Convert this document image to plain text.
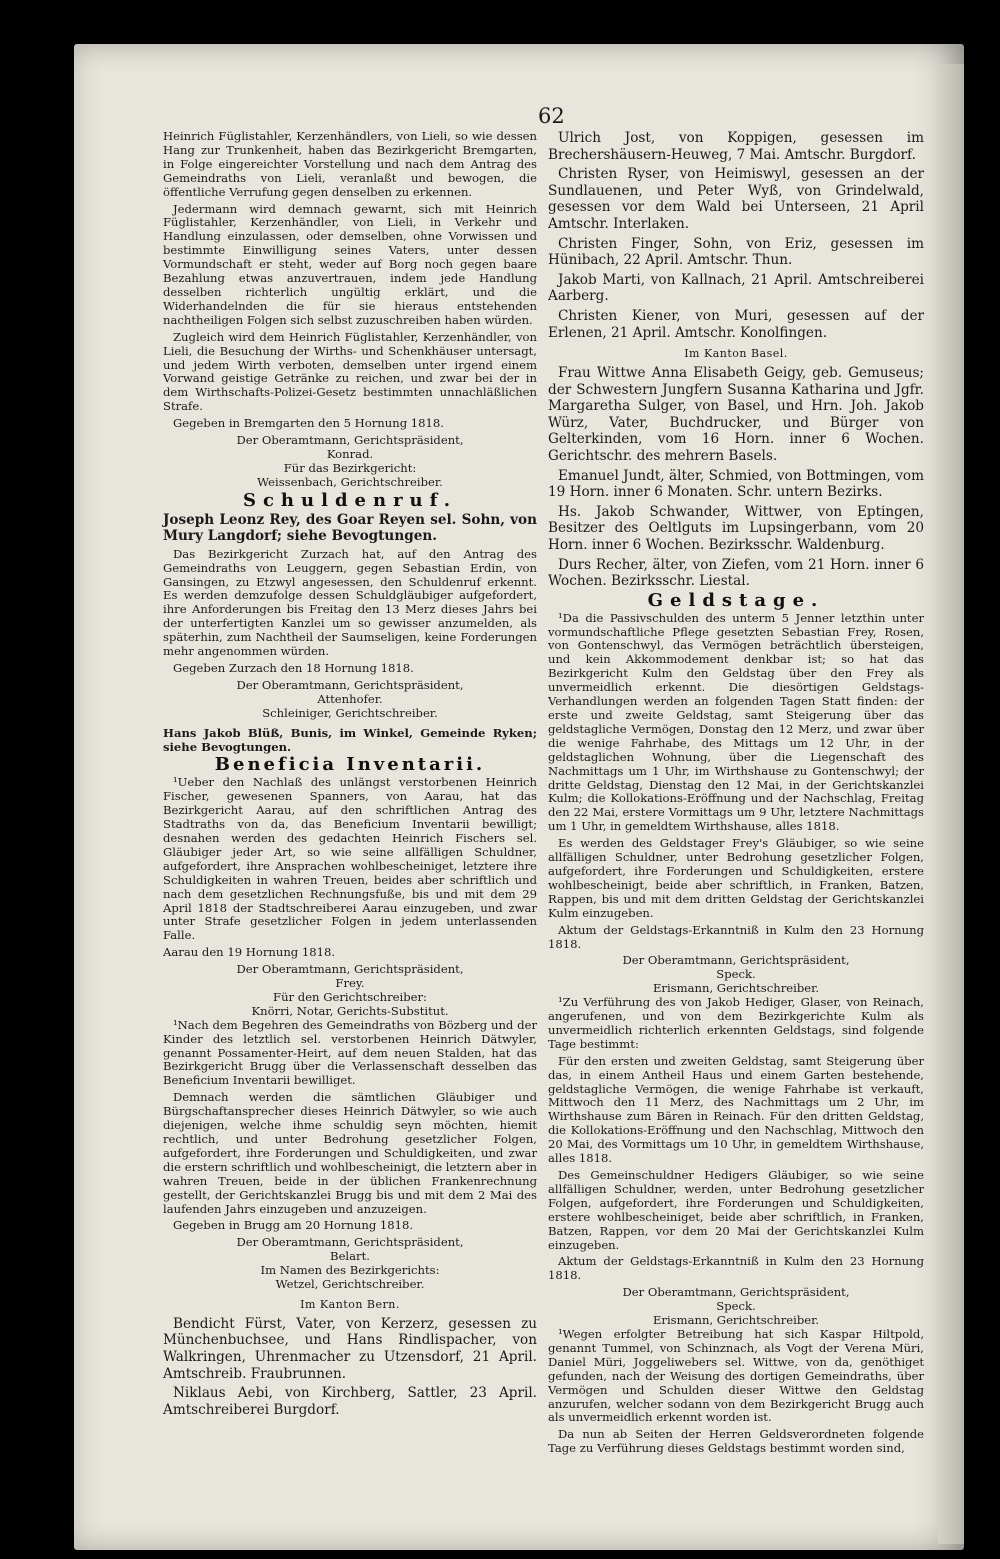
62

Heinrich Füglistahler, Kerzenhändlers, von Lieli, so wie dessen Hang zur Trunkenheit, haben das Bezirkgericht Bremgarten, in Folge eingereichter Vorstellung und nach dem Antrag des Gemeindraths von Lieli, veranlaßt und bewogen, die öffentliche Verrufung gegen denselben zu erkennen.

Jedermann wird demnach gewarnt, sich mit Heinrich Füglistahler, Kerzenhändler, von Lieli, in Verkehr und Handlung einzulassen, oder demselben, ohne Vorwissen und bestimmte Einwilligung seines Vaters, unter dessen Vormundschaft er steht, weder auf Borg noch gegen baare Bezahlung etwas anzuvertrauen, indem jede Handlung desselben richterlich ungültig erklärt, und die Widerhandelnden die für sie hieraus entstehenden nachtheiligen Folgen sich selbst zuzuschreiben haben würden.

Zugleich wird dem Heinrich Füglistahler, Kerzenhändler, von Lieli, die Besuchung der Wirths- und Schenkhäuser untersagt, und jedem Wirth verboten, demselben unter irgend einem Vorwand geistige Getränke zu reichen, und zwar bei der in dem Wirthschafts-Polizei-Gesetz bestimmten unnachläßlichen Strafe.

Gegeben in Bremgarten den 5 Hornung 1818.

Der Oberamtmann, Gerichtspräsident,

Konrad.

Für das Bezirkgericht:

Weissenbach, Gerichtschreiber.

Schuldenruf.

Joseph Leonz Rey, des Goar Reyen sel. Sohn, von Mury Langdorf; siehe Bevogtungen.

Das Bezirkgericht Zurzach hat, auf den Antrag des Gemeindraths von Leuggern, gegen Sebastian Erdin, von Gansingen, zu Etzwyl angesessen, den Schuldenruf erkennt. Es werden demzufolge dessen Schuldgläubiger aufgefordert, ihre Anforderungen bis Freitag den 13 Merz dieses Jahrs bei der unterfertigten Kanzlei um so gewisser anzumelden, als späterhin, zum Nachtheil der Saumseligen, keine Forderungen mehr angenommen würden.

Gegeben Zurzach den 18 Hornung 1818.

Der Oberamtmann, Gerichtspräsident,

Attenhofer.

Schleiniger, Gerichtschreiber.

Hans Jakob Blüß, Bunis, im Winkel, Gemeinde Ryken; siehe Bevogtungen.

Beneficia Inventarii.

¹Ueber den Nachlaß des unlängst verstorbenen Heinrich Fischer, gewesenen Spanners, von Aarau, hat das Bezirkgericht Aarau, auf den schriftlichen Antrag des Stadtraths von da, das Beneficium Inventarii bewilligt; desnahen werden des gedachten Heinrich Fischers sel. Gläubiger jeder Art, so wie seine allfälligen Schuldner, aufgefordert, ihre Ansprachen wohlbescheiniget, letztere ihre Schuldigkeiten in wahren Treuen, beides aber schriftlich und nach dem gesetzlichen Rechnungsfuße, bis und mit dem 29 April 1818 der Stadtschreiberei Aarau einzugeben, und zwar unter Strafe gesetzlicher Folgen in jedem unterlassenden Falle.

Aarau den 19 Hornung 1818.

Der Oberamtmann, Gerichtspräsident,

Frey.

Für den Gerichtschreiber:

Knörri, Notar, Gerichts-Substitut.

¹Nach dem Begehren des Gemeindraths von Bözberg und der Kinder des letztlich sel. verstorbenen Heinrich Dätwyler, genannt Possamenter-Heirt, auf dem neuen Stalden, hat das Bezirkgericht Brugg über die Verlassenschaft desselben das Beneficium Inventarii bewilliget.

Demnach werden die sämtlichen Gläubiger und Bürgschaftansprecher dieses Heinrich Dätwyler, so wie auch diejenigen, welche ihme schuldig seyn möchten, hiemit rechtlich, und unter Bedrohung gesetzlicher Folgen, aufgefordert, ihre Forderungen und Schuldigkeiten, und zwar die erstern schriftlich und wohlbescheinigt, die letztern aber in wahren Treuen, beide in der üblichen Frankenrechnung gestellt, der Gerichtskanzlei Brugg bis und mit dem 2 Mai des laufenden Jahrs einzugeben und anzuzeigen.

Gegeben in Brugg am 20 Hornung 1818.

Der Oberamtmann, Gerichtspräsident,

Belart.

Im Namen des Bezirkgerichts:

Wetzel, Gerichtschreiber.

Im Kanton Bern.

Bendicht Fürst, Vater, von Kerzerz, gesessen zu Münchenbuchsee, und Hans Rindlispacher, von Walkringen, Uhrenmacher zu Utzensdorf, 21 April. Amtschreib. Fraubrunnen.

Niklaus Aebi, von Kirchberg, Sattler, 23 April. Amtschreiberei Burgdorf.

Ulrich Jost, von Koppigen, gesessen im Brechershäusern-Heuweg, 7 Mai. Amtschr. Burgdorf.

Christen Ryser, von Heimiswyl, gesessen an der Sundlauenen, und Peter Wyß, von Grindelwald, gesessen vor dem Wald bei Unterseen, 21 April Amtschr. Interlaken.

Christen Finger, Sohn, von Eriz, gesessen im Hünibach, 22 April. Amtschr. Thun.

Jakob Marti, von Kallnach, 21 April. Amtschreiberei Aarberg.

Christen Kiener, von Muri, gesessen auf der Erlenen, 21 April. Amtschr. Konolfingen.

Im Kanton Basel.

Frau Wittwe Anna Elisabeth Geigy, geb. Gemuseus; der Schwestern Jungfern Susanna Katharina und Jgfr. Margaretha Sulger, von Basel, und Hrn. Joh. Jakob Würz, Vater, Buchdrucker, und Bürger von Gelterkinden, vom 16 Horn. inner 6 Wochen. Gerichtschr. des mehrern Basels.

Emanuel Jundt, älter, Schmied, von Bottmingen, vom 19 Horn. inner 6 Monaten. Schr. untern Bezirks.

Hs. Jakob Schwander, Wittwer, von Eptingen, Besitzer des Oeltlguts im Lupsingerbann, vom 20 Horn. inner 6 Wochen. Bezirksschr. Waldenburg.

Durs Recher, älter, von Ziefen, vom 21 Horn. inner 6 Wochen. Bezirksschr. Liestal.

Geldstage.

¹Da die Passivschulden des unterm 5 Jenner letzthin unter vormundschaftliche Pflege gesetzten Sebastian Frey, Rosen, von Gontenschwyl, das Vermögen beträchtlich übersteigen, und kein Akkommodement denkbar ist; so hat das Bezirkgericht Kulm den Geldstag über den Frey als unvermeidlich erkennt. Die diesörtigen Geldstags-Verhandlungen werden an folgenden Tagen Statt finden: der erste und zweite Geldstag, samt Steigerung über das geldstagliche Vermögen, Donstag den 12 Merz, und zwar über die wenige Fahrhabe, des Mittags um 12 Uhr, in der geldstaglichen Wohnung, über die Liegenschaft des Nachmittags um 1 Uhr, im Wirthshause zu Gontenschwyl; der dritte Geldstag, Dienstag den 12 Mai, in der Gerichtskanzlei Kulm; die Kollokations-Eröffnung und der Nachschlag, Freitag den 22 Mai, erstere Vormittags um 9 Uhr, letztere Nachmittags um 1 Uhr, in gemeldtem Wirthshause, alles 1818.

Es werden des Geldstager Frey's Gläubiger, so wie seine allfälligen Schuldner, unter Bedrohung gesetzlicher Folgen, aufgefordert, ihre Forderungen und Schuldigkeiten, erstere wohlbescheinigt, beide aber schriftlich, in Franken, Batzen, Rappen, bis und mit dem dritten Geldstag der Gerichtskanzlei Kulm einzugeben.

Aktum der Geldstags-Erkanntniß in Kulm den 23 Hornung 1818.

Der Oberamtmann, Gerichtspräsident,

Speck.

Erismann, Gerichtschreiber.

¹Zu Verführung des von Jakob Hediger, Glaser, von Reinach, angerufenen, und von dem Bezirkgerichte Kulm als unvermeidlich richterlich erkennten Geldstags, sind folgende Tage bestimmt:

Für den ersten und zweiten Geldstag, samt Steigerung über das, in einem Antheil Haus und einem Garten bestehende, geldstagliche Vermögen, die wenige Fahrhabe ist verkauft, Mittwoch den 11 Merz, des Nachmittags um 2 Uhr, im Wirthshause zum Bären in Reinach. Für den dritten Geldstag, die Kollokations-Eröffnung und den Nachschlag, Mittwoch den 20 Mai, des Vormittags um 10 Uhr, in gemeldtem Wirthshause, alles 1818.

Des Gemeinschuldner Hedigers Gläubiger, so wie seine allfälligen Schuldner, werden, unter Bedrohung gesetzlicher Folgen, aufgefordert, ihre Forderungen und Schuldigkeiten, erstere wohlbescheiniget, beide aber schriftlich, in Franken, Batzen, Rappen, vor dem 20 Mai der Gerichtskanzlei Kulm einzugeben.

Aktum der Geldstags-Erkanntniß in Kulm den 23 Hornung 1818.

Der Oberamtmann, Gerichtspräsident,

Speck.

Erismann, Gerichtschreiber.

¹Wegen erfolgter Betreibung hat sich Kaspar Hiltpold, genannt Tummel, von Schinznach, als Vogt der Verena Müri, Daniel Müri, Joggeliwebers sel. Wittwe, von da, genöthiget gefunden, nach der Weisung des dortigen Gemeindraths, über Vermögen und Schulden dieser Wittwe den Geldstag anzurufen, welcher sodann von dem Bezirkgericht Brugg auch als unvermeidlich erkennt worden ist.

Da nun ab Seiten der Herren Geldsverordneten folgende Tage zu Verführung dieses Geldstags bestimmt worden sind,
